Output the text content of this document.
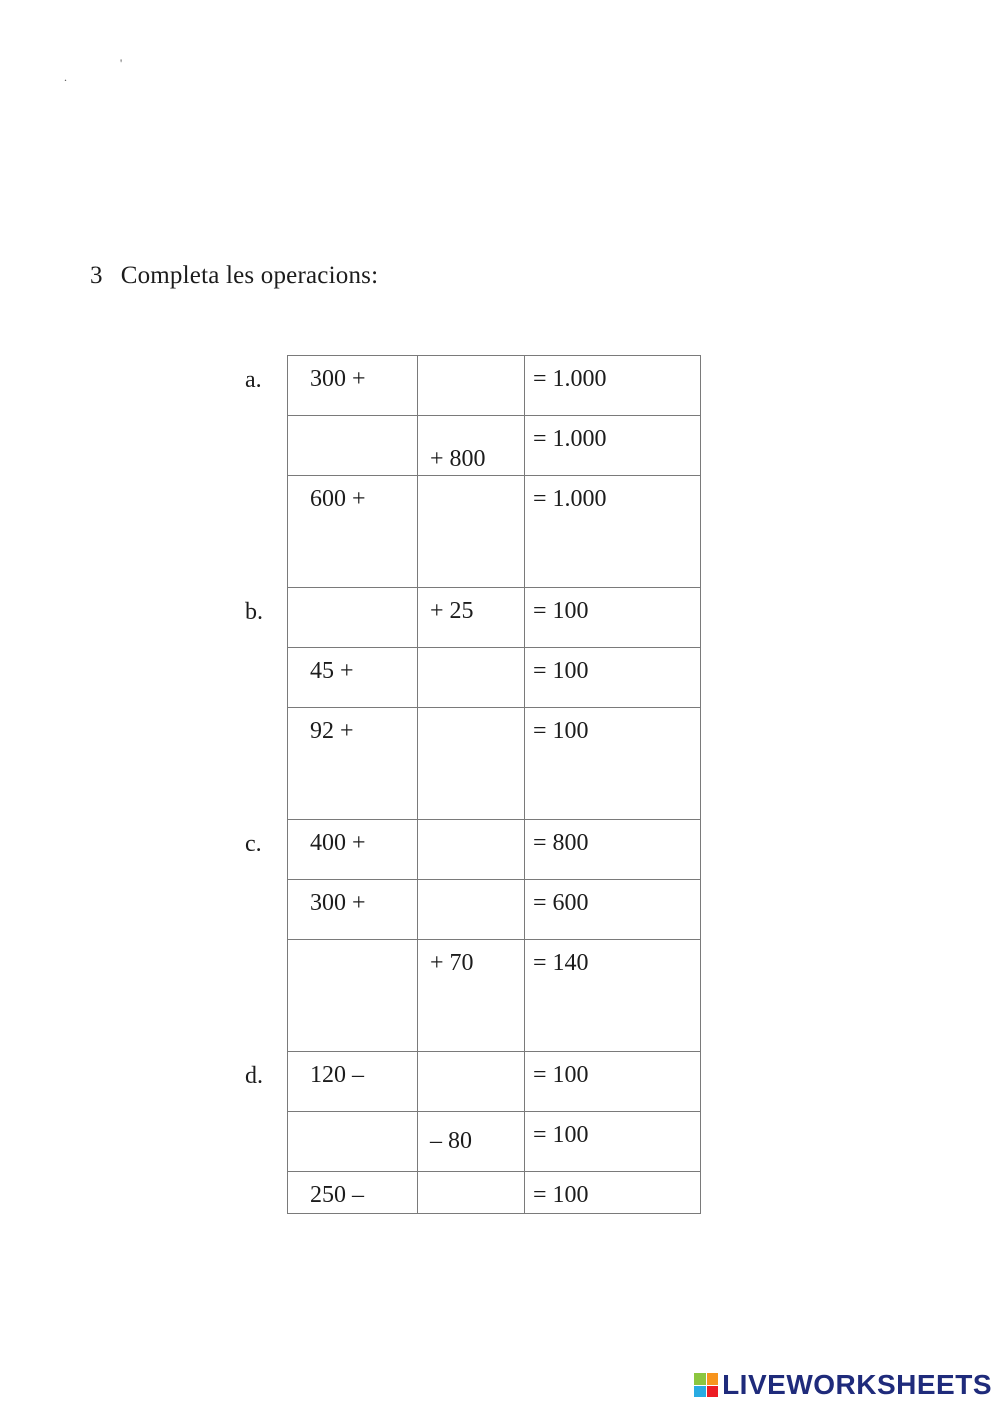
'
.
3 Completa les operacions:
a. 300 +		= 1.000
	+ 800	= 1.000
600 +		= 1.000
b.
		+ 25	= 100
45 +		= 100
92 +		= 100
c. 400 +		= 800
300 +		= 600
	+ 70	= 140
d. 120 –		= 100
	– 80	= 100
250 –		= 100
LIVEWORKSHEETS
